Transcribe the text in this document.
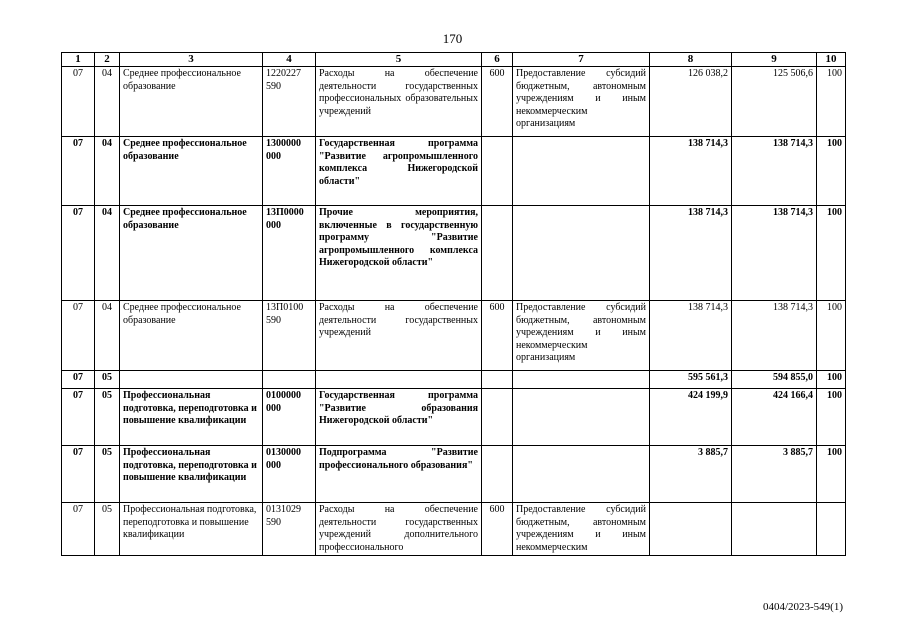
170
1	2	3	4	5	6	7	8	9	10
07	04	Среднее профессиональное образование	1220227 590	Расходы на обеспечение деятельности государственных профессиональных образовательных учреждений	600	Предоставление субсидий бюджетным, автономным учреждениям и иным некоммерческим организациям	126 038,2	125 506,6	100
07	04	Среднее профессиональное образование	1300000 000	Государственная программа "Развитие агропромышленного комплекса Нижегородской области"			138 714,3	138 714,3	100
07	04	Среднее профессиональное образование	13П0000 000	Прочие мероприятия, включенные в государственную программу "Развитие агропромышленного комплекса Нижегородской области"			138 714,3	138 714,3	100
07	04	Среднее профессиональное образование	13П0100 590	Расходы на обеспечение деятельности государственных учреждений	600	Предоставление субсидий бюджетным, автономным учреждениям и иным некоммерческим организациям	138 714,3	138 714,3	100
07	05						595 561,3	594 855,0	100
07	05	Профессиональная подготовка, переподготовка и повышение квалификации	0100000 000	Государственная программа "Развитие образования Нижегородской области"			424 199,9	424 166,4	100
07	05	Профессиональная подготовка, переподготовка и повышение квалификации	0130000 000	Подпрограмма "Развитие профессионального образования"			3 885,7	3 885,7	100
07	05	Профессиональная подготовка, переподготовка и повышение квалификации	0131029 590	Расходы на обеспечение деятельности государственных учреждений дополнительного профессионального	600	Предоставление субсидий бюджетным, автономным учреждениям и иным некоммерческим			
0404/2023-549(1)
